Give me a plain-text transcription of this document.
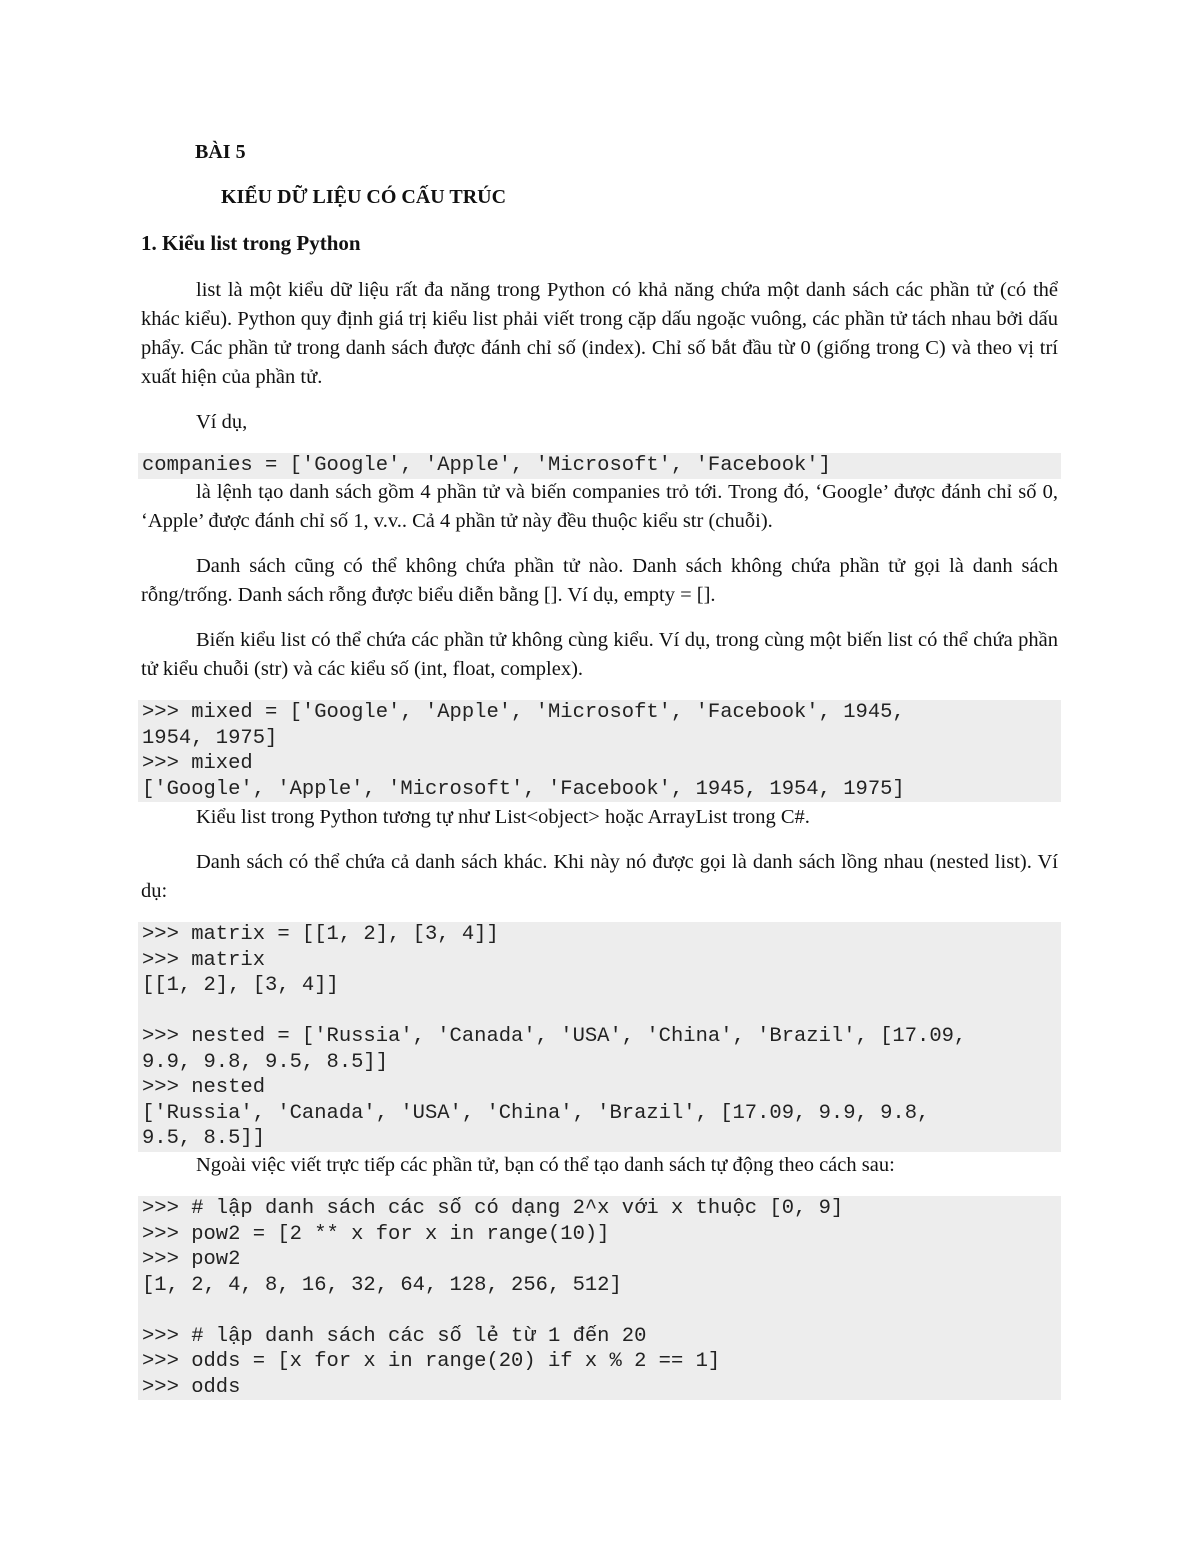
BÀI 5
KIỂU DỮ LIỆU CÓ CẤU TRÚC
1. Kiểu list trong Python

list là một kiểu dữ liệu rất đa năng trong Python có khả năng chứa một danh sách các phần tử (có thể khác kiểu). Python quy định giá trị kiểu list phải viết trong cặp dấu ngoặc vuông, các phần tử tách nhau bởi dấu phẩy. Các phần tử trong danh sách được đánh chỉ số (index). Chỉ số bắt đầu từ 0 (giống trong C) và theo vị trí xuất hiện của phần tử.

Ví dụ,

companies = ['Google', 'Apple', 'Microsoft', 'Facebook']

là lệnh tạo danh sách gồm 4 phần tử và biến companies trỏ tới. Trong đó, ‘Google’ được đánh chỉ số 0, ‘Apple’ được đánh chỉ số 1, v.v.. Cả 4 phần tử này đều thuộc kiểu str (chuỗi).

Danh sách cũng có thể không chứa phần tử nào. Danh sách không chứa phần tử gọi là danh sách rỗng/trống. Danh sách rỗng được biểu diễn bằng []. Ví dụ, empty = [].

Biến kiểu list có thể chứa các phần tử không cùng kiểu. Ví dụ, trong cùng một biến list có thể chứa phần tử kiểu chuỗi (str) và các kiểu số (int, float, complex).

>>> mixed = ['Google', 'Apple', 'Microsoft', 'Facebook', 1945,
1954, 1975]
>>> mixed
['Google', 'Apple', 'Microsoft', 'Facebook', 1945, 1954, 1975]

Kiểu list trong Python tương tự như List<object> hoặc ArrayList trong C#.

Danh sách có thể chứa cả danh sách khác. Khi này nó được gọi là danh sách lồng nhau (nested list). Ví dụ:

>>> matrix = [[1, 2], [3, 4]]
>>> matrix
[[1, 2], [3, 4]]
>>> nested = ['Russia', 'Canada', 'USA', 'China', 'Brazil', [17.09,
9.9, 9.8, 9.5, 8.5]]
>>> nested
['Russia', 'Canada', 'USA', 'China', 'Brazil', [17.09, 9.9, 9.8,
9.5, 8.5]]

Ngoài việc viết trực tiếp các phần tử, bạn có thể tạo danh sách tự động theo cách sau:

>>> # lập danh sách các số có dạng 2^x với x thuộc [0, 9]
>>> pow2 = [2 ** x for x in range(10)]
>>> pow2
[1, 2, 4, 8, 16, 32, 64, 128, 256, 512]
>>> # lập danh sách các số lẻ từ 1 đến 20
>>> odds = [x for x in range(20) if x % 2 == 1]
>>> odds
